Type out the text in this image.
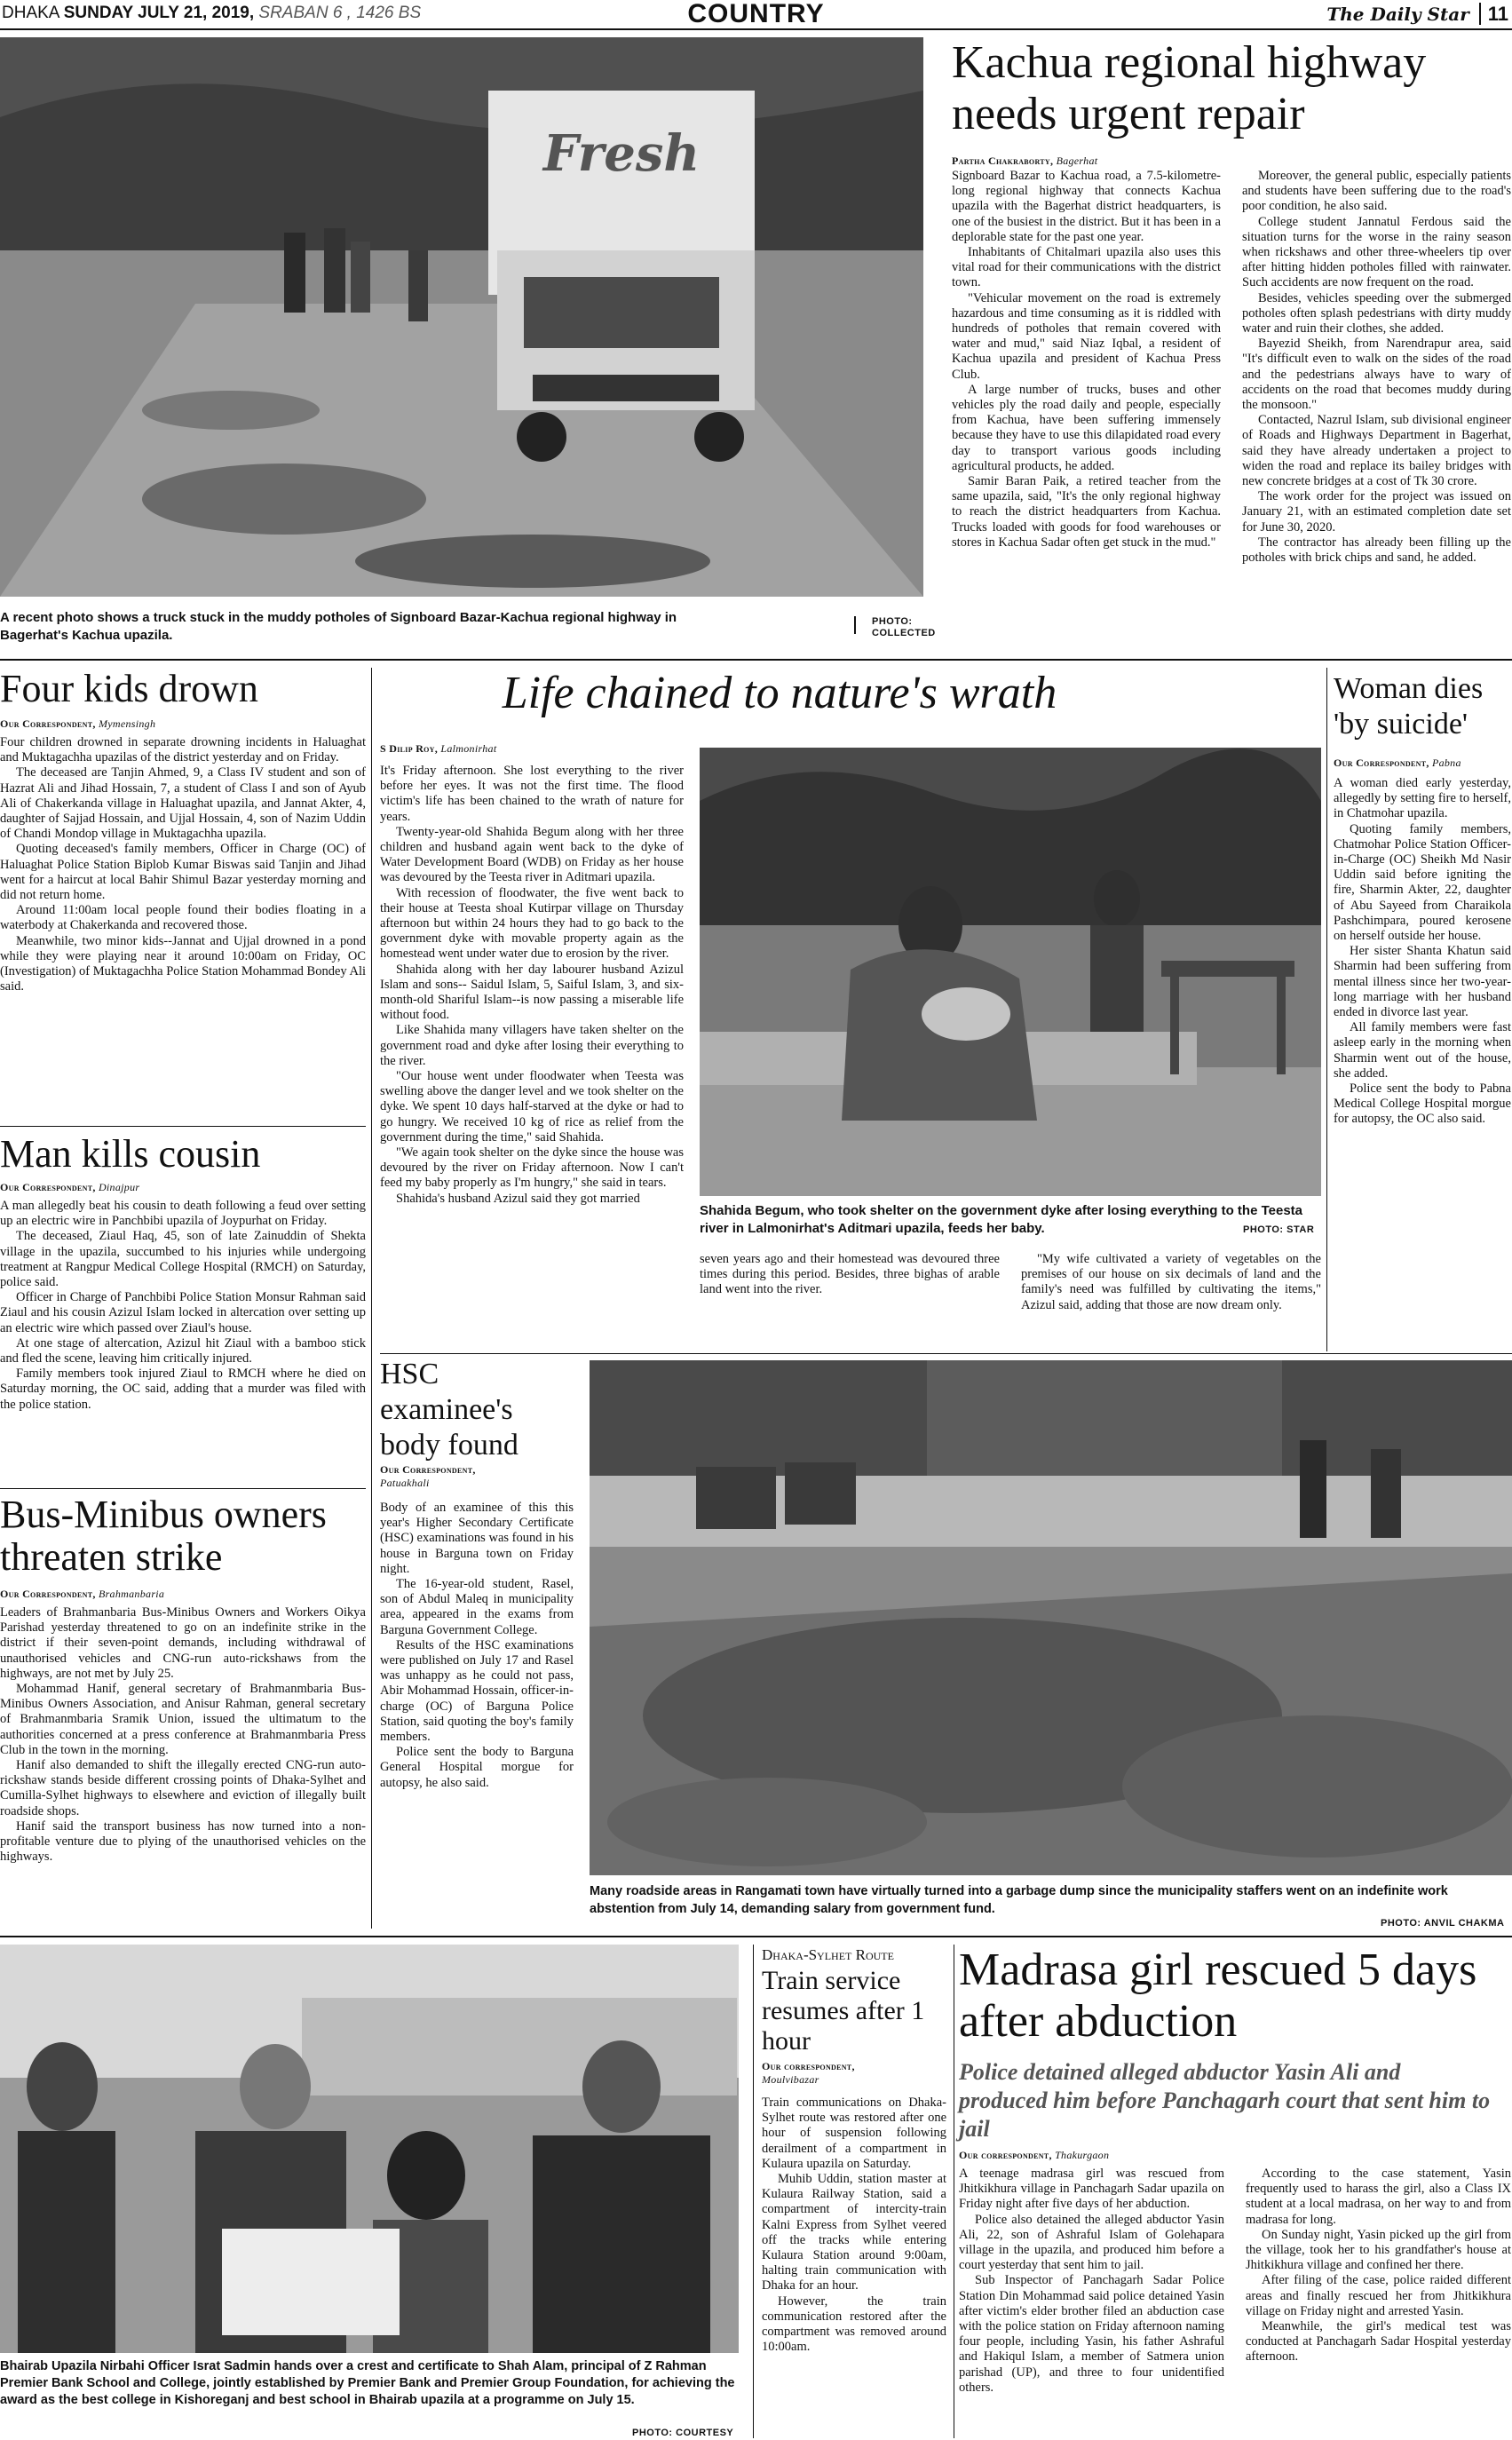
COUNTRY
DHAKA SUNDAY JULY 21, 2019, SRABAN 6 , 1426 BS	The Daily Star 11
Fresh
A recent photo shows a truck stuck in the muddy potholes of Signboard Bazar-Kachua regional highway in Bagerhat's Kachua upazila.
PHOTO: COLLECTED
Kachua regional highway needs urgent repair
Partha Chakraborty, Bagerhat

Signboard Bazar to Kachua road, a 7.5-kilometre-long regional highway that connects Kachua upazila with the Bagerhat district headquarters, is one of the busiest in the district. But it has been in a deplorable state for the past one year.

Inhabitants of Chitalmari upazila also uses this vital road for their communications with the district town.

"Vehicular movement on the road is extremely hazardous and time consuming as it is riddled with hundreds of potholes that remain covered with water and mud," said Niaz Iqbal, a resident of Kachua upazila and president of Kachua Press Club.

A large number of trucks, buses and other vehicles ply the road daily and people, especially from Kachua, have been suffering immensely because they have to use this dilapidated road every day to transport various goods including agricultural products, he added.

Samir Baran Paik, a retired teacher from the same upazila, said, "It's the only regional highway to reach the district headquarters from Kachua. Trucks loaded with goods for food warehouses or stores in Kachua Sadar often get stuck in the mud."

Moreover, the general public, especially patients and students have been suffering due to the road's poor condition, he also said.

College student Jannatul Ferdous said the situation turns for the worse in the rainy season when rickshaws and other three-wheelers tip over after hitting hidden potholes filled with rainwater. Such accidents are now frequent on the road.

Besides, vehicles speeding over the submerged potholes often splash pedestrians with dirty muddy water and ruin their clothes, she added.

Bayezid Sheikh, from Narendrapur area, said "It's difficult even to walk on the sides of the road and the pedestrians always have to wary of accidents on the road that becomes muddy during the monsoon."

Contacted, Nazrul Islam, sub divisional engineer of Roads and Highways Department in Bagerhat, said they have already undertaken a project to widen the road and replace its bailey bridges with new concrete bridges at a cost of Tk 30 crore.

The work order for the project was issued on January 21, with an estimated completion date set for June 30, 2020.

The contractor has already been filling up the potholes with brick chips and sand, he added.

Four kids drown
Our Correspondent, Mymensingh

Four children drowned in separate drowning incidents in Haluaghat and Muktagachha upazilas of the district yesterday and on Friday.

The deceased are Tanjin Ahmed, 9, a Class IV student and son of Hazrat Ali and Jihad Hossain, 7, a student of Class I and son of Ayub Ali of Chakerkanda village in Haluaghat upazila, and Jannat Akter, 4, daughter of Sajjad Hossain, and Ujjal Hossain, 4, son of Nazim Uddin of Chandi Mondop village in Muktagachha upazila.

Quoting deceased's family members, Officer in Charge (OC) of Haluaghat Police Station Biplob Kumar Biswas said Tanjin and Jihad went for a haircut at local Bahir Shimul Bazar yesterday morning and did not return home.

Around 11:00am local people found their bodies floating in a waterbody at Chakerkanda and recovered those.

Meanwhile, two minor kids--Jannat and Ujjal drowned in a pond while they were playing near it around 10:00am on Friday, OC (Investigation) of Muktagachha Police Station Mohammad Bondey Ali said.

Man kills cousin
Our Correspondent, Dinajpur

A man allegedly beat his cousin to death following a feud over setting up an electric wire in Panchbibi upazila of Joypurhat on Friday.

The deceased, Ziaul Haq, 45, son of late Zainuddin of Shekta village in the upazila, succumbed to his injuries while undergoing treatment at Rangpur Medical College Hospital (RMCH) on Saturday, police said.

Officer in Charge of Panchbibi Police Station Monsur Rahman said Ziaul and his cousin Azizul Islam locked in altercation over setting up an electric wire which passed over Ziaul's house.

At one stage of altercation, Azizul hit Ziaul with a bamboo stick and fled the scene, leaving him critically injured.

Family members took injured Ziaul to RMCH where he died on Saturday morning, the OC said, adding that a murder was filed with the police station.

Bus-Minibus owners threaten strike
Our Correspondent, Brahmanbaria

Leaders of Brahmanbaria Bus-Minibus Owners and Workers Oikya Parishad yesterday threatened to go on an indefinite strike in the district if their seven-point demands, including withdrawal of unauthorised vehicles and CNG-run auto-rickshaws from the highways, are not met by July 25.

Mohammad Hanif, general secretary of Brahmanmbaria Bus-Minibus Owners Association, and Anisur Rahman, general secretary of Brahmanmbaria Sramik Union, issued the ultimatum to the authorities concerned at a press conference at Brahmanmbaria Press Club in the town in the morning.

Hanif also demanded to shift the illegally erected CNG-run auto-rickshaw stands beside different crossing points of Dhaka-Sylhet and Cumilla-Sylhet highways to elsewhere and eviction of illegally built roadside shops.

Hanif said the transport business has now turned into a non-profitable venture due to plying of the unauthorised vehicles on the highways.

Life chained to nature's wrath
S Dilip Roy, Lalmonirhat

It's Friday afternoon. She lost everything to the river before her eyes. It was not the first time. The flood victim's life has been chained to the wrath of nature for years.

Twenty-year-old Shahida Begum along with her three children and husband again went back to the dyke of Water Development Board (WDB) on Friday as her house was devoured by the Teesta river in Aditmari upazila.

With recession of floodwater, the five went back to their house at Teesta shoal Kutirpar village on Thursday afternoon but within 24 hours they had to go back to the government dyke with movable property again as the homestead went under water due to erosion by the river.

Shahida along with her day labourer husband Azizul Islam and sons-- Saidul Islam, 5, Saiful Islam, 3, and six-month-old Shariful Islam--is now passing a miserable life without food.

Like Shahida many villagers have taken shelter on the government road and dyke after losing their everything to the river.

"Our house went under floodwater when Teesta was swelling above the danger level and we took shelter on the dyke. We spent 10 days half-starved at the dyke or had to go hungry. We received 10 kg of rice as relief from the government during the time," said Shahida.

"We again took shelter on the dyke since the house was devoured by the river on Friday afternoon. Now I can't feed my baby properly as I'm hungry," she said in tears.

Shahida's husband Azizul said they got married

Shahida Begum, who took shelter on the government dyke after losing everything to the Teesta river in Lalmonirhat's Aditmari upazila, feeds her baby.	PHOTO: STAR

seven years ago and their homestead was devoured three times during this period. Besides, three bighas of arable land went into the river.

"My wife cultivated a variety of vegetables on the premises of our house on six decimals of land and the family's need was fulfilled by cultivating the items," Azizul said, adding that those are now dream only.

Woman dies 'by suicide'
Our Correspondent, Pabna

A woman died early yesterday, allegedly by setting fire to herself, in Chatmohar upazila.

Quoting family members, Chatmohar Police Station Officer-in-Charge (OC) Sheikh Md Nasir Uddin said before igniting the fire, Sharmin Akter, 22, daughter of Abu Sayeed from Charaikola Pashchimpara, poured kerosene on herself outside her house.

Her sister Shanta Khatun said Sharmin had been suffering from mental illness since her two-year-long marriage with her husband ended in divorce last year.

All family members were fast asleep early in the morning when Sharmin went out of the house, she added.

Police sent the body to Pabna Medical College Hospital morgue for autopsy, the OC also said.

HSC examinee's body found
Our Correspondent,
Patuakhali

Body of an examinee of this this year's Higher Secondary Certificate (HSC) examinations was found in his house in Barguna town on Friday night.

The 16-year-old student, Rasel, son of Abdul Maleq in municipality area, appeared in the exams from Barguna Government College.

Results of the HSC examinations were published on July 17 and Rasel was unhappy as he could not pass, Abir Mohammad Hossain, officer-in-charge (OC) of Barguna Police Station, said quoting the boy's family members.

Police sent the body to Barguna General Hospital morgue for autopsy, he also said.

Many roadside areas in Rangamati town have virtually turned into a garbage dump since the municipality staffers went on an indefinite work abstention from July 14, demanding salary from government fund.
PHOTO: ANVIL CHAKMA
Bhairab Upazila Nirbahi Officer Israt Sadmin hands over a crest and certificate to Shah Alam, principal of Z Rahman Premier Bank School and College, jointly established by Premier Bank and Premier Group Foundation, for achieving the award as the best college in Kishoreganj and best school in Bhairab upazila at a programme on July 15.
PHOTO: COURTESY
Dhaka-Sylhet Route
Train service resumes after 1 hour
Our correspondent,
Moulvibazar

Train communications on Dhaka-Sylhet route was restored after one hour of suspension following derailment of a compartment in Kulaura upazila on Saturday.

Muhib Uddin, station master at Kulaura Railway Station, said a compartment of intercity-train Kalni Express from Sylhet veered off the tracks while entering Kulaura Station around 9:00am, halting train communication with Dhaka for an hour.

However, the train communication restored after the compartment was removed around 10:00am.

Madrasa girl rescued 5 days after abduction
Police detained alleged abductor Yasin Ali and produced him before Panchagarh court that sent him to jail
Our correspondent, Thakurgaon

A teenage madrasa girl was rescued from Jhitkikhura village in Panchagarh Sadar upazila on Friday night after five days of her abduction.

Police also detained the alleged abductor Yasin Ali, 22, son of Ashraful Islam of Golehapara village in the upazila, and produced him before a court yesterday that sent him to jail.

Sub Inspector of Panchagarh Sadar Police Station Din Mohammad said police detained Yasin after victim's elder brother filed an abduction case with the police station on Friday afternoon naming four people, including Yasin, his father Ashraful and Hakiqul Islam, a member of Satmera union parishad (UP), and three to four unidentified others.

According to the case statement, Yasin frequently used to harass the girl, also a Class IX student at a local madrasa, on her way to and from madrasa for long.

On Sunday night, Yasin picked up the girl from the village, took her to his grandfather's house at Jhitkikhura village and confined her there.

After filing of the case, police raided different areas and finally rescued her from Jhitkikhura village on Friday night and arrested Yasin.

Meanwhile, the girl's medical test was conducted at Panchagarh Sadar Hospital yesterday afternoon.
